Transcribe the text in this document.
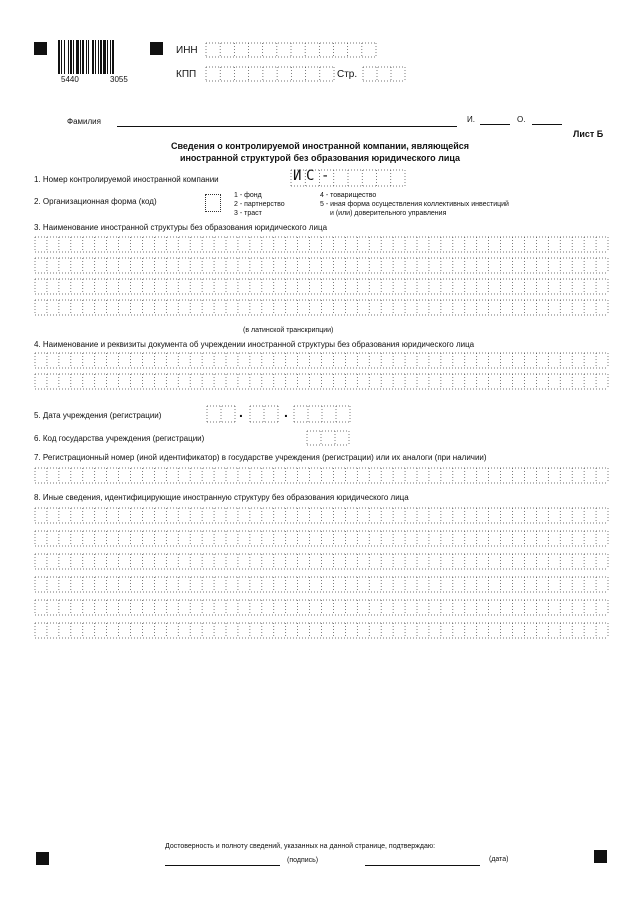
5440	3055
ИНН
КПП	Стр.
Фамилия	И.	О.
Лист Б
Сведения о контролируемой иностранной компании, являющейся
иностранной структурой без образования юридического лица
1. Номер контролируемой иностранной компании	И С -
2. Организационная форма (код)
1 - фонд
2 - партнерство
3 - траст
4 - товарищество
5 - иная форма осуществления коллективных инвестиций
и (или) доверительного управления
3. Наименование иностранной структуры без образования юридического лица
(в латинской транскрипции)
4. Наименование и реквизиты документа об учреждении иностранной структуры без образования юридического лица
5. Дата учреждения (регистрации)	.	.
6. Код государства учреждения (регистрации)
7. Регистрационный номер (иной идентификатор) в государстве учреждения (регистрации) или их аналоги (при наличии)
8. Иные сведения, идентифицирующие иностранную структуру без образования юридического лица
Достоверность и полноту сведений, указанных на данной странице, подтверждаю:
(подпись)	(дата)
